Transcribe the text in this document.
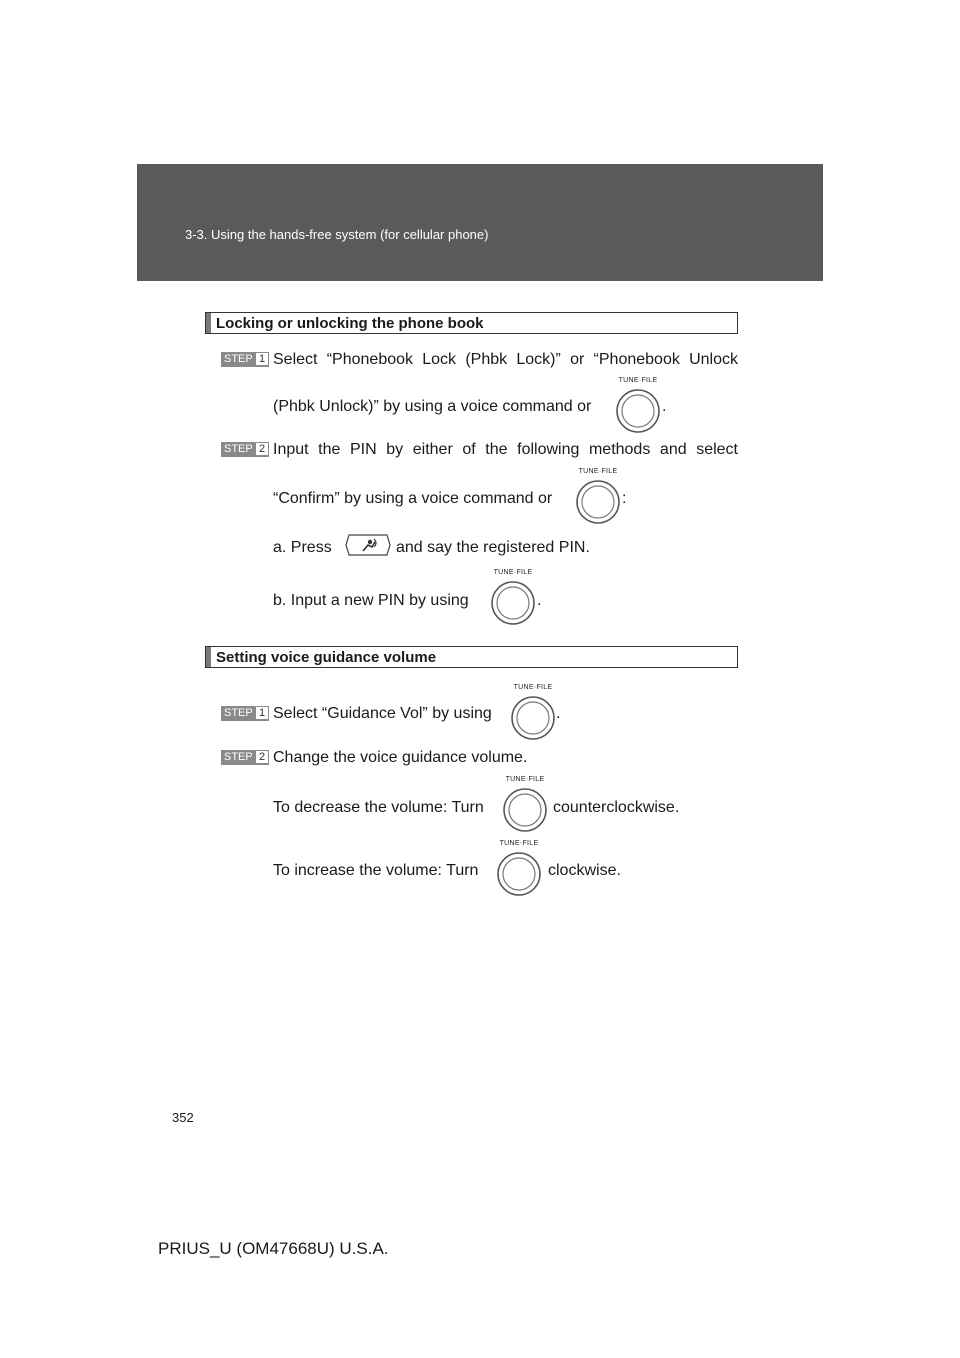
3-3. Using the hands-free system (for cellular phone)
Locking or unlocking the phone book
STEP 1 Select “Phonebook Lock (Phbk Lock)” or “Phonebook Unlock
(Phbk Unlock)” by using a voice command or
TUNE·FILE
.
STEP 2 Input the PIN by either of the following methods and select
“Confirm” by using a voice command or
TUNE·FILE
:
a. Press	and say the registered PIN.
b. Input a new PIN by using
TUNE·FILE
.
Setting voice guidance volume
STEP 1 Select “Guidance Vol” by using
TUNE·FILE
.
STEP 2 Change the voice guidance volume.
To decrease the volume: Turn
TUNE·FILE
counterclockwise.
To increase the volume: Turn
TUNE·FILE
clockwise.
352
PRIUS_U (OM47668U) U.S.A.
